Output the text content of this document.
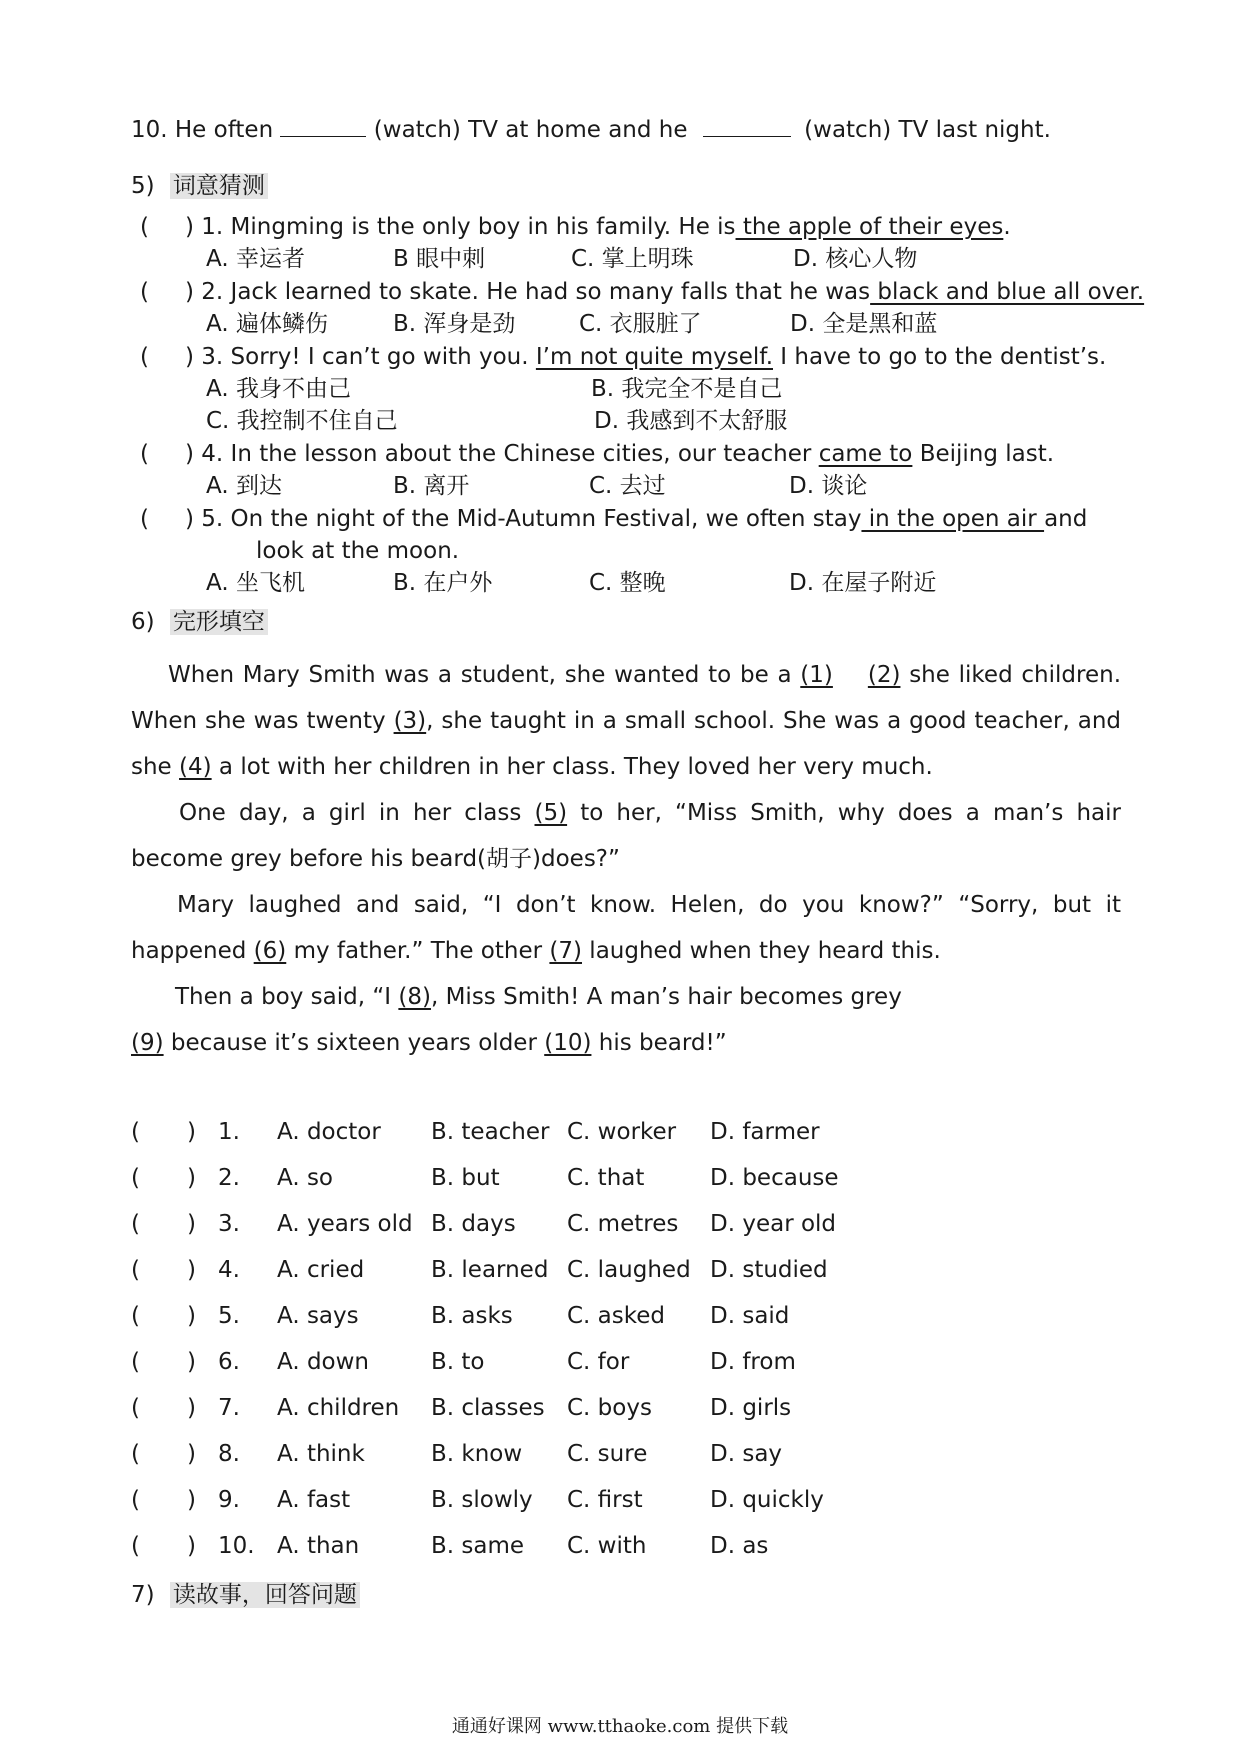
10. He often	(watch) TV at home and he	(watch) TV last night.
5) 词意猜测
( ) 1. Mingming is the only boy in his family. He is the apple of their eyes.
A. 幸运者	B 眼中刺	C. 掌上明珠	D. 核心人物
( ) 2. Jack learned to skate. He had so many falls that he was black and blue all over.
A. 遍体鳞伤	B. 浑身是劲	C. 衣服脏了	D. 全是黑和蓝
( ) 3. Sorry! I can’t go with you. I’m not quite myself. I have to go to the dentist’s.
A. 我身不由己	B. 我完全不是自己
C. 我控制不住自己	D. 我感到不太舒服
( ) 4. In the lesson about the Chinese cities, our teacher came to Beijing last.
A. 到达	B. 离开	C. 去过	D. 谈论
( ) 5. On the night of the Mid-Autumn Festival, we often stay in the open air and
look at the moon.
A. 坐飞机	B. 在户外	C. 整晚	D. 在屋子附近
6) 完形填空

When Mary Smith was a student, she wanted to be a (1) (2) she liked children. When she was twenty (3), she taught in a small school. She was a good teacher, and she (4) a lot with her children in her class. They loved her very much.

One day, a girl in her class (5) to her, “Miss Smith, why does a man’s hair become grey before his beard(胡子)does?”

Mary laughed and said, “I don’t know. Helen, do you know?” “Sorry, but it happened (6) my father.” The other (7) laughed when they heard this.

Then a boy said, “I (8), Miss Smith! A man’s hair becomes grey

(9) because it’s sixteen years older (10) his beard!”

( ) 1. A. doctor B. teacher C. worker D. farmer
( ) 2. A. so	B. but	C. that	D. because
( ) 3. A. years old B. days C. metres D. year old
( ) 4. A. cried	B. learned C. laughed D. studied
( ) 5. A. says	B. asks C. asked D. said
( ) 6. A. down	B. to	C. for	D. from
( ) 7. A. children B. classes C. boys	D. girls
( ) 8. A. think	B. know C. sure	D. say
( ) 9. A. fast	B. slowly C. first	D. quickly
( ) 10. A. than	B. same C. with	D. as
7) 读故事，回答问题
通通好课网 www.tthaoke.com 提供下载
